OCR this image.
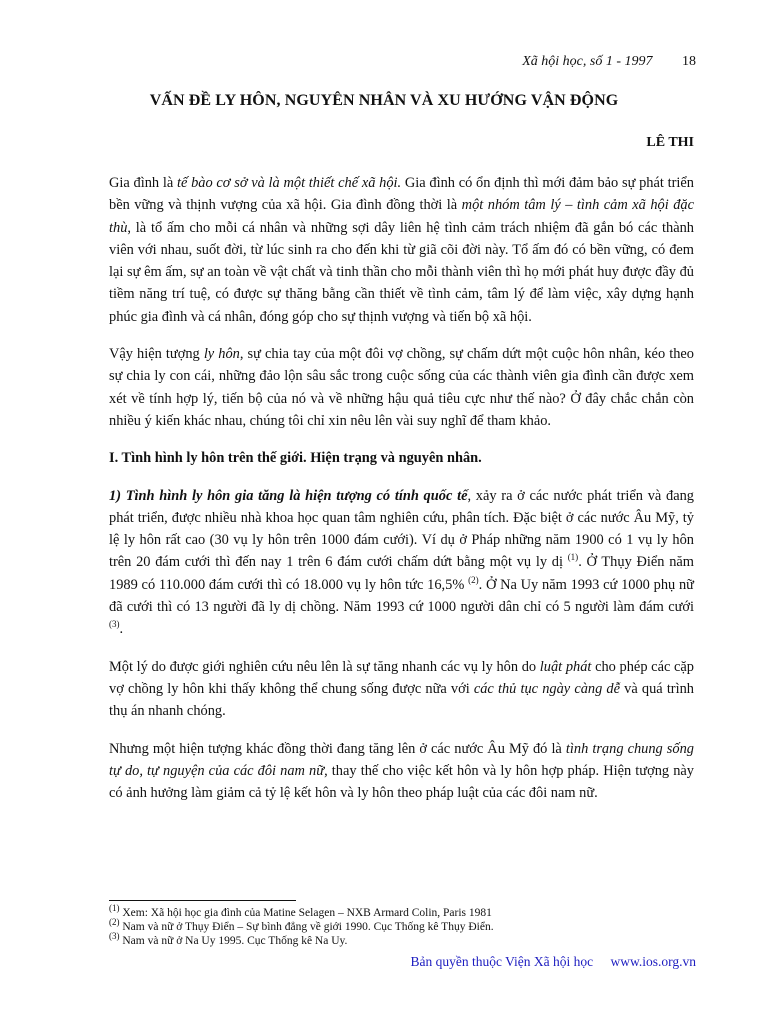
Xã hội học, số 1 - 1997 18
VẤN ĐỀ LY HÔN, NGUYÊN NHÂN VÀ XU HƯỚNG VẬN ĐỘNG
LÊ THI

Gia đình là tế bào cơ sở và là một thiết chế xã hội. Gia đình có ổn định thì mới đảm bảo sự phát triển bền vững và thịnh vượng của xã hội. Gia đình đồng thời là một nhóm tâm lý – tình cảm xã hội đặc thù, là tổ ấm cho mỗi cá nhân và những sợi dây liên hệ tình cảm trách nhiệm đã gắn bó các thành viên với nhau, suốt đời, từ lúc sinh ra cho đến khi từ giã cõi đời này. Tổ ấm đó có bền vững, có đem lại sự êm ấm, sự an toàn về vật chất và tinh thần cho mỗi thành viên thì họ mới phát huy được đầy đủ tiềm năng trí tuệ, có được sự thăng bằng cần thiết về tình cảm, tâm lý để làm việc, xây dựng hạnh phúc gia đình và cá nhân, đóng góp cho sự thịnh vượng và tiến bộ xã hội.

Vậy hiện tượng ly hôn, sự chia tay của một đôi vợ chồng, sự chấm dứt một cuộc hôn nhân, kéo theo sự chia ly con cái, những đảo lộn sâu sắc trong cuộc sống của các thành viên gia đình cần được xem xét về tính hợp lý, tiến bộ của nó và về những hậu quả tiêu cực như thế nào? Ở đây chắc chắn còn nhiều ý kiến khác nhau, chúng tôi chỉ xin nêu lên vài suy nghĩ để tham khảo.

I. Tình hình ly hôn trên thế giới. Hiện trạng và nguyên nhân.

1) Tình hình ly hôn gia tăng là hiện tượng có tính quốc tế, xảy ra ở các nước phát triển và đang phát triển, được nhiều nhà khoa học quan tâm nghiên cứu, phân tích. Đặc biệt ở các nước Âu Mỹ, tỷ lệ ly hôn rất cao (30 vụ ly hôn trên 1000 đám cưới). Ví dụ ở Pháp những năm 1900 có 1 vụ ly hôn trên 20 đám cưới thì đến nay 1 trên 6 đám cưới chấm dứt bằng một vụ ly dị $^{(1)}$. Ở Thụy Điển năm 1989 có 110.000 đám cưới thì có 18.000 vụ ly hôn tức 16,5% $^{(2)}$. Ở Na Uy năm 1993 cứ 1000 phụ nữ đã cưới thì có 13 người đã ly dị chồng. Năm 1993 cứ 1000 người dân chỉ có 5 người làm đám cưới $^{(3)}$.

Một lý do được giới nghiên cứu nêu lên là sự tăng nhanh các vụ ly hôn do luật phát cho phép các cặp vợ chồng ly hôn khi thấy không thể chung sống được nữa với các thủ tục ngày càng dễ và quá trình thụ án nhanh chóng.

Nhưng một hiện tượng khác đồng thời đang tăng lên ở các nước Âu Mỹ đó là tình trạng chung sống tự do, tự nguyện của các đôi nam nữ, thay thế cho việc kết hôn và ly hôn hợp pháp. Hiện tượng này có ảnh hưởng làm giảm cả tỷ lệ kết hôn và ly hôn theo pháp luật của các đôi nam nữ.

$^{(1)}$ Xem: Xã hội học gia đình của Matine Selagen – NXB Armard Colin, Paris 1981
$^{(2)}$ Nam và nữ ở Thụy Điển – Sự bình đẳng về giới 1990. Cục Thống kê Thụy Điển.
$^{(3)}$ Nam và nữ ở Na Uy 1995. Cục Thống kê Na Uy.
Bản quyền thuộc Viện Xã hội học www.ios.org.vn
